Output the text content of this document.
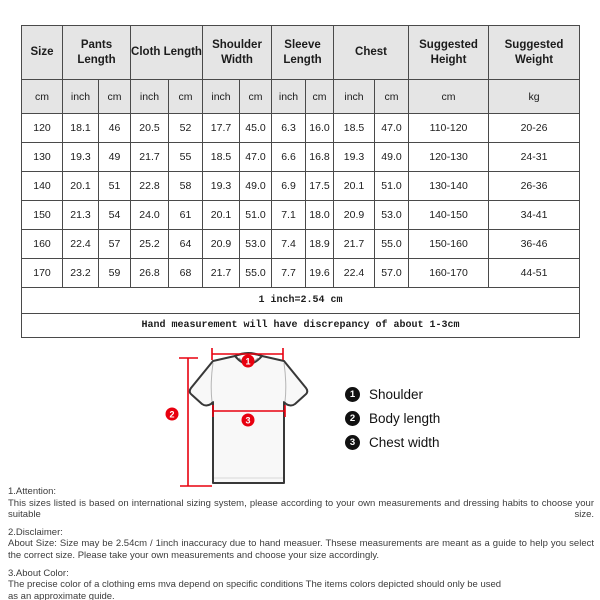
Size	Pants Length		Cloth Length		Shoulder Width		Sleeve Length		Chest		Suggested Height	Suggested Weight
cm	inch	cm	inch	cm	inch	cm	inch	cm	inch	cm	cm	kg
120	18.1	46	20.5	52	17.7	45.0	6.3	16.0	18.5	47.0	110-120	20-26
130	19.3	49	21.7	55	18.5	47.0	6.6	16.8	19.3	49.0	120-130	24-31
140	20.1	51	22.8	58	19.3	49.0	6.9	17.5	20.1	51.0	130-140	26-36
150	21.3	54	24.0	61	20.1	51.0	7.1	18.0	20.9	53.0	140-150	34-41
160	22.4	57	25.2	64	20.9	53.0	7.4	18.9	21.7	55.0	150-160	36-46
170	23.2	59	26.8	68	21.7	55.0	7.7	19.6	22.4	57.0	160-170	44-51
1 inch=2.54 cm												
Hand measurement will have discrepancy of about 1-3cm												
1
2
3
1	Shoulder
2	Body length
3	Chest width

1.Attention:

This sizes listed is based on international sizing system, please according to your own measurements and dressing habits to choose your suitable size.

2.Disclaimer:

About Size: Size may be 2.54cm / 1inch inaccuracy due to hand measuer. Thsese measurements are meant as a guide to help you select the correct size. Please take your own measurements and choose your size accordingly.

3.About Color:

The precise color of a clothing ems mva depend on specific conditions The items colors depicted should only be used as an approximate guide.
